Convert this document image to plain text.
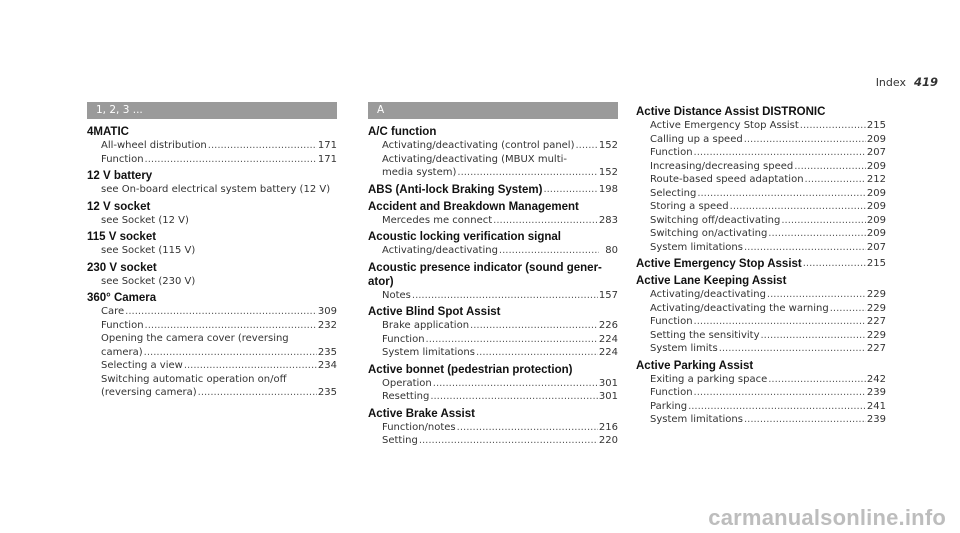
Index 419
1, 2, 3 ...
4MATIC
All-wheel distribution .....	171
Function .....	171
12 V battery
see On-board electrical system battery (12 V)
12 V socket
see Socket (12 V)
115 V socket
see Socket (115 V)
230 V socket
see Socket (230 V)
360° Camera
Care .....	309
Function .....	232
Opening the camera cover (reversing
camera) .....	235
Selecting a view .....	234
Switching automatic operation on/off
(reversing camera) .....	235
A
A/C function
Activating/deactivating (control panel) ..... 152
Activating/deactivating (MBUX multi-
media system) .....	152
ABS (Anti-lock Braking System) .....	198
Accident and Breakdown Management
Mercedes me connect .....	283
Acoustic locking verification signal
Activating/deactivating .....	80
Acoustic presence indicator (sound gener-
ator)
Notes .....	157
Active Blind Spot Assist
Brake application .....	226
Function .....	224
System limitations .....	224
Active bonnet (pedestrian protection)
Operation .....	301
Resetting .....	301
Active Brake Assist
Function/notes .....	216
Setting .....	220
Active Distance Assist DISTRONIC
Active Emergency Stop Assist .....	215
Calling up a speed .....	209
Function .....	207
Increasing/decreasing speed .....	209
Route-based speed adaptation .....	212
Selecting .....	209
Storing a speed .....	209
Switching off/deactivating .....	209
Switching on/activating .....	209
System limitations .....	207
Active Emergency Stop Assist .....	215
Active Lane Keeping Assist
Activating/deactivating .....	229
Activating/deactivating the warning .....	229
Function .....	227
Setting the sensitivity .....	229
System limits .....	227
Active Parking Assist
Exiting a parking space .....	242
Function .....	239
Parking .....	241
System limitations .....	239
carmanualsonline.info
